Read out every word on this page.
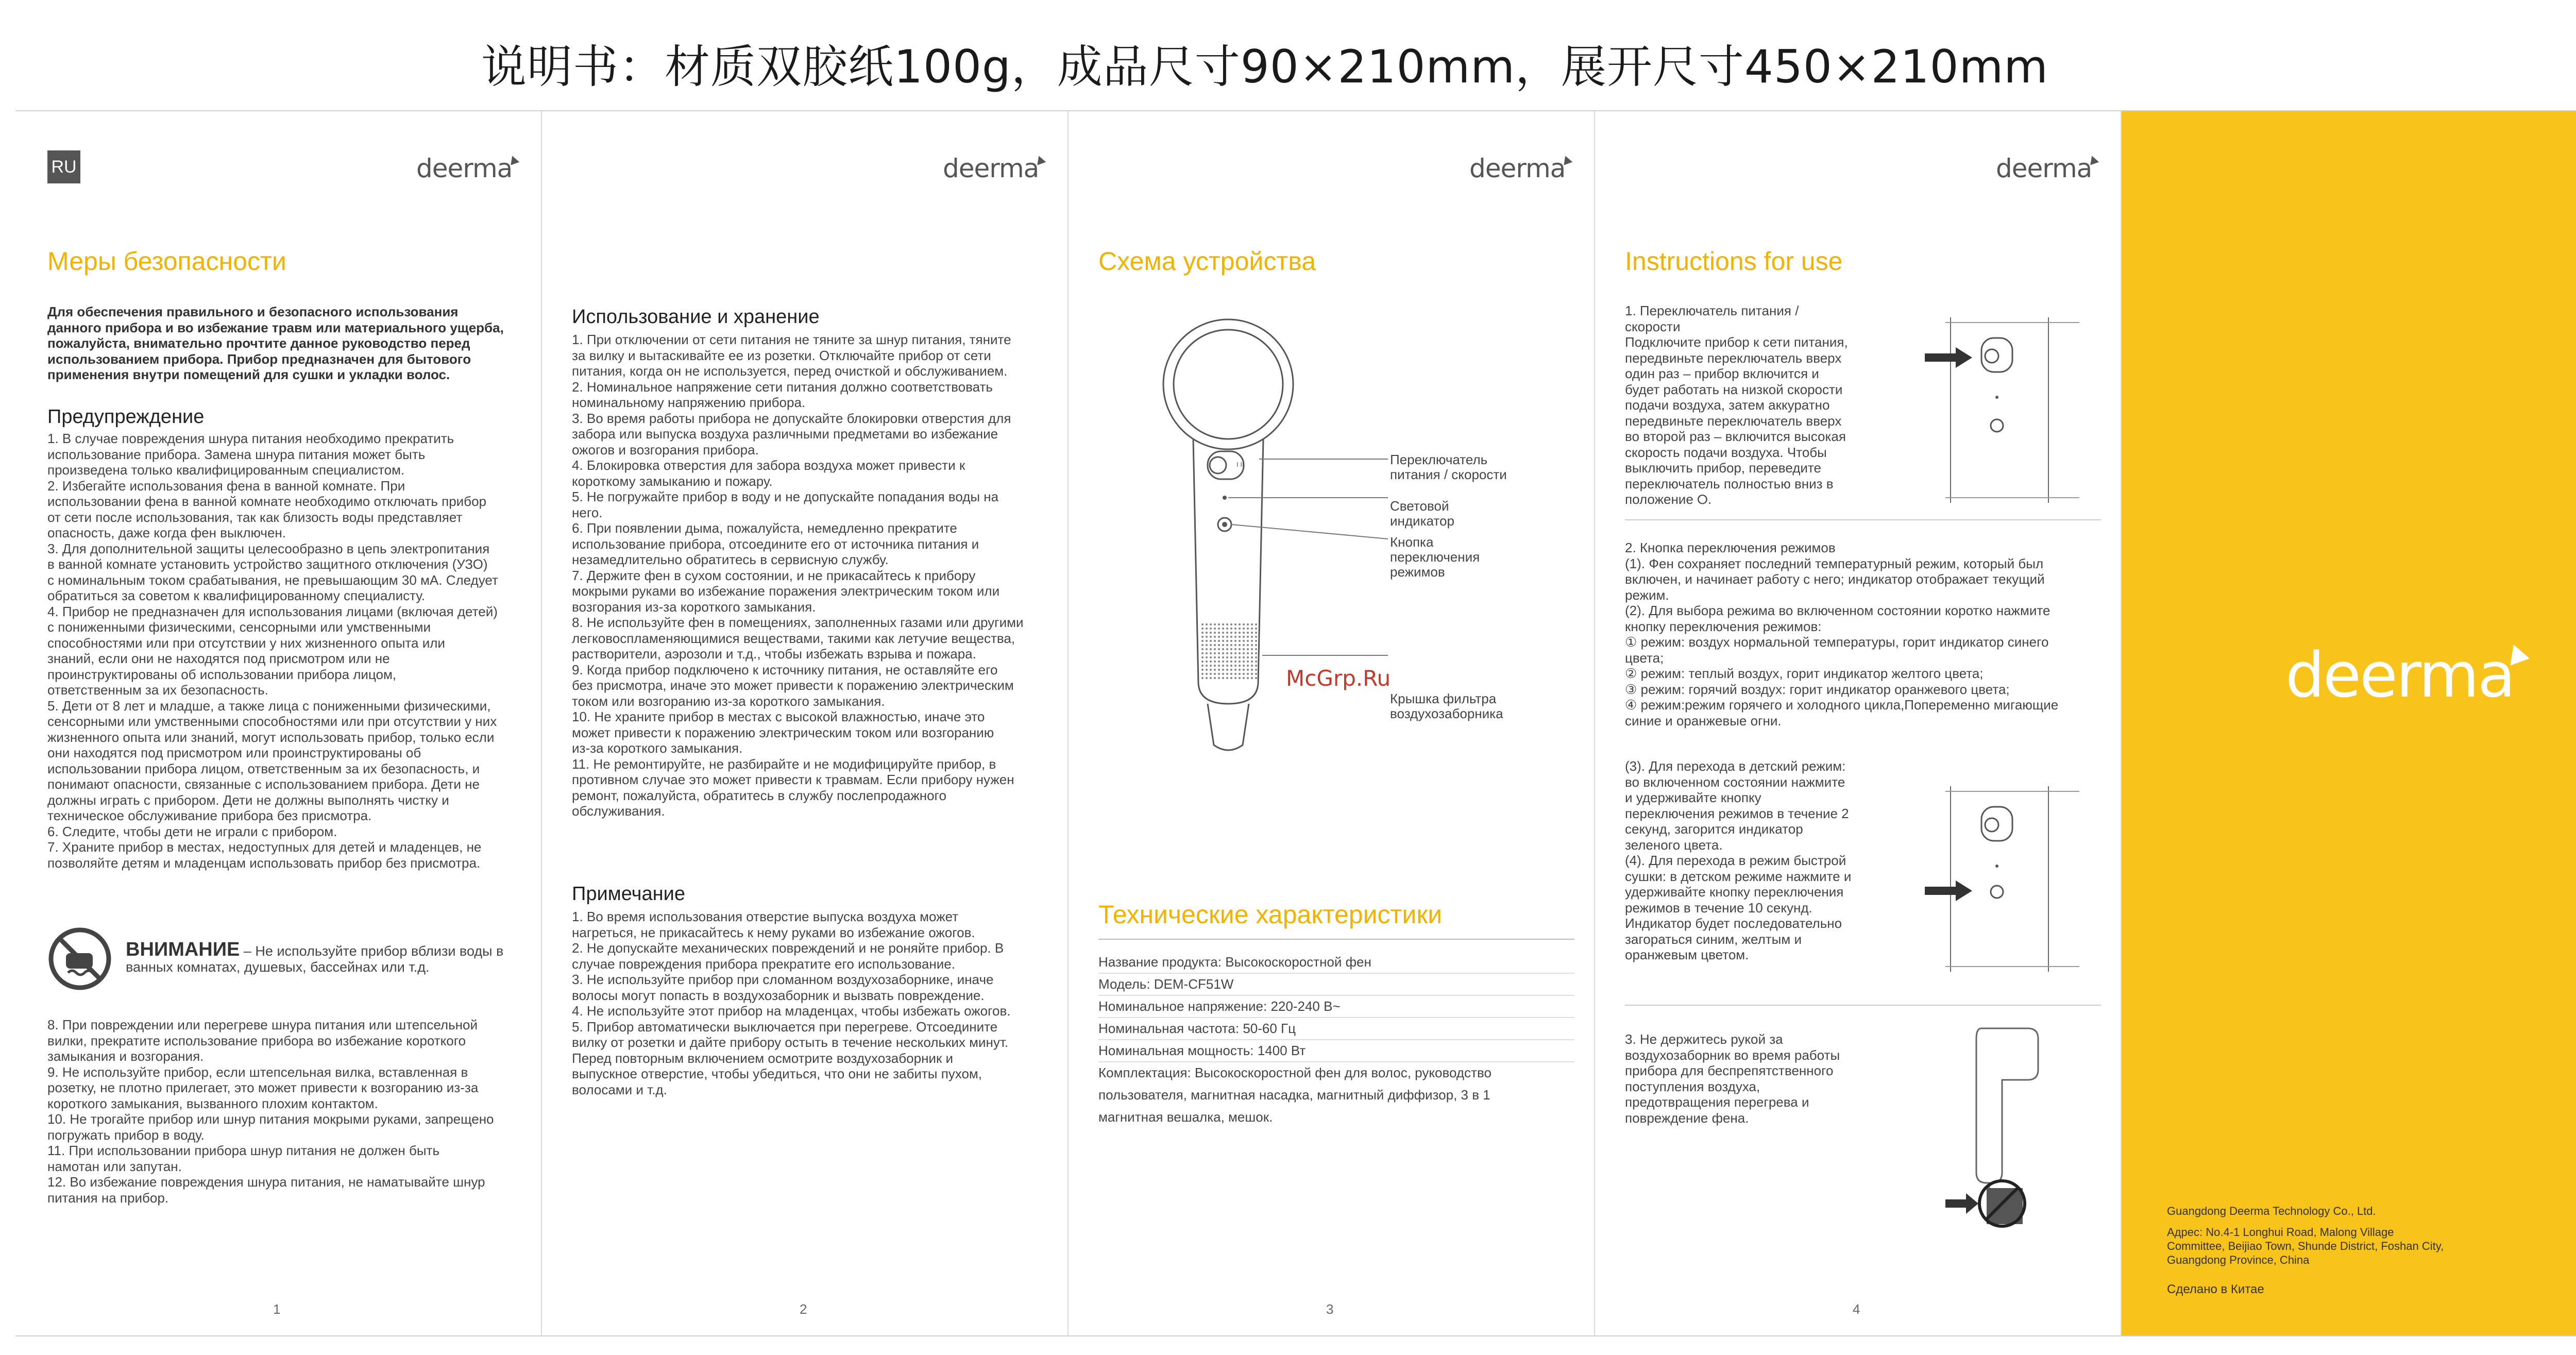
说明书：材质双胶纸100g，成品尺寸90×210mm，展开尺寸450×210mm
RU	deerma
Меры безопасности
Для обеспечения правильного и безопасного использования
данного прибора и во избежание травм или материального ущерба,
пожалуйста, внимательно прочтите данное руководство перед
использованием прибора. Прибор предназначен для бытового
применения внутри помещений для сушки и укладки волос.
Предупреждение
1. В случае повреждения шнура питания необходимо прекратить
использование прибора. Замена шнура питания может быть
произведена только квалифицированным специалистом.
2. Избегайте использования фена в ванной комнате. При
использовании фена в ванной комнате необходимо отключать прибор
от сети после использования, так как близость воды представляет
опасность, даже когда фен выключен.
3. Для дополнительной защиты целесообразно в цепь электропитания
в ванной комнате установить устройство защитного отключения (УЗО)
с номинальным током срабатывания, не превышающим 30 мА. Следует
обратиться за советом к квалифицированному специалисту.
4. Прибор не предназначен для использования лицами (включая детей)
с пониженными физическими, сенсорными или умственными
способностями или при отсутствии у них жизненного опыта или
знаний, если они не находятся под присмотром или не
проинструктированы об использовании прибора лицом,
ответственным за их безопасность.
5. Дети от 8 лет и младше, а также лица с пониженными физическими,
сенсорными или умственными способностями или при отсутствии у них
жизненного опыта или знаний, могут использовать прибор, только если
они находятся под присмотром или проинструктированы об
использовании прибора лицом, ответственным за их безопасность, и
понимают опасности, связанные с использованием прибора. Дети не
должны играть с прибором. Дети не должны выполнять чистку и
техническое обслуживание прибора без присмотра.
6. Следите, чтобы дети не играли с прибором.
7. Храните прибор в местах, недоступных для детей и младенцев, не
позволяйте детям и младенцам использовать прибор без присмотра.
ВНИМАНИЕ – Не используйте прибор вблизи воды в
ванных комнатах, душевых, бассейнах или т.д.
8. При повреждении или перегреве шнура питания или штепсельной
вилки, прекратите использование прибора во избежание короткого
замыкания и возгорания.
9. Не используйте прибор, если штепсельная вилка, вставленная в
розетку, не плотно прилегает, это может привести к возгоранию из-за
короткого замыкания, вызванного плохим контактом.
10. Не трогайте прибор или шнур питания мокрыми руками, запрещено
погружать прибор в воду.
11. При использовании прибора шнур питания не должен быть
намотан или запутан.
12. Во избежание повреждения шнура питания, не наматывайте шнур
питания на прибор.
1
deerma
Использование и хранение
1. При отключении от сети питания не тяните за шнур питания, тяните
за вилку и вытаскивайте ее из розетки. Отключайте прибор от сети
питания, когда он не используется, перед очисткой и обслуживанием.
2. Номинальное напряжение сети питания должно соответствовать
номинальному напряжению прибора.
3. Во время работы прибора не допускайте блокировки отверстия для
забора или выпуска воздуха различными предметами во избежание
ожогов и возгорания прибора.
4. Блокировка отверстия для забора воздуха может привести к
короткому замыканию и пожару.
5. Не погружайте прибор в воду и не допускайте попадания воды на
него.
6. При появлении дыма, пожалуйста, немедленно прекратите
использование прибора, отсоедините его от источника питания и
незамедлительно обратитесь в сервисную службу.
7. Держите фен в сухом состоянии, и не прикасайтесь к прибору
мокрыми руками во избежание поражения электрическим током или
возгорания из-за короткого замыкания.
8. Не используйте фен в помещениях, заполненных газами или другими
легковоспламеняющимися веществами, такими как летучие вещества,
растворители, аэрозоли и т.д., чтобы избежать взрыва и пожара.
9. Когда прибор подключено к источнику питания, не оставляйте его
без присмотра, иначе это может привести к поражению электрическим
током или возгоранию из-за короткого замыкания.
10. Не храните прибор в местах с высокой влажностью, иначе это
может привести к поражению электрическим током или возгоранию
из-за короткого замыкания.
11. Не ремонтируйте, не разбирайте и не модифицируйте прибор, в
противном случае это может привести к травмам. Если прибору нужен
ремонт, пожалуйста, обратитесь в службу послепродажного
обслуживания.
Примечание
1. Во время использования отверстие выпуска воздуха может
нагреться, не прикасайтесь к нему руками во избежание ожогов.
2. Не допускайте механических повреждений и не роняйте прибор. В
случае повреждения прибора прекратите его использование.
3. Не используйте прибор при сломанном воздухозаборнике, иначе
волосы могут попасть в воздухозаборник и вызвать повреждение.
4. Не используйте этот прибор на младенцах, чтобы избежать ожогов.
5. Прибор автоматически выключается при перегреве. Отсоедините
вилку от розетки и дайте прибору остыть в течение нескольких минут.
Перед повторным включением осмотрите воздухозаборник и
выпускное отверстие, чтобы убедиться, что они не забиты пухом,
волосами и т.д.
2
deerma
Схема устройства
I II	Переключатель
питания / скорости
Световой
индикатор
Кнопка
переключения
режимов
Крышка фильтра
воздухозаборника
McGrp.Ru
Технические характеристики
Название продукта: Высокоскоростной фен
Модель: DEM-CF51W
Номинальное напряжение: 220-240 В~
Номинальная частота: 50-60 Гц
Номинальная мощность: 1400 Вт
Комплектация: Высокоскоростной фен для волос, руководство
пользователя, магнитная насадка, магнитный диффизор, 3 в 1
магнитная вешалка, мешок.
3
deerma
Instructions for use
1. Переключатель питания /
скорости
Подключите прибор к сети питания,
передвиньте переключатель вверх
один раз – прибор включится и
будет работать на низкой скорости
подачи воздуха, затем аккуратно
передвиньте переключатель вверх
во второй раз – включится высокая
скорость подачи воздуха. Чтобы
выключить прибор, переведите
переключатель полностью вниз в
положение ⭘.
2. Кнопка переключения режимов
(1). Фен сохраняет последний температурный режим, который был
включен, и начинает работу с него; индикатор отображает текущий
режим.
(2). Для выбора режима во включенном состоянии коротко нажмите
кнопку переключения режимов:
① режим: воздух нормальной температуры, горит индикатор синего
цвета;
② режим: теплый воздух, горит индикатор желтого цвета;
③ режим: горячий воздух: горит индикатор оранжевого цвета;
④ режим:режим горячего и холодного цикла,Попеременно мигающие
синие и оранжевые огни.
(3). Для перехода в детский режим:
во включенном состоянии нажмите
и удерживайте кнопку
переключения режимов в течение 2
секунд, загорится индикатор
зеленого цвета.
(4). Для перехода в режим быстрой
сушки: в детском режиме нажмите и
удерживайте кнопку переключения
режимов в течение 10 секунд.
Индикатор будет последовательно
загораться синим, желтым и
оранжевым цветом.
3. Не держитесь рукой за
воздухозаборник во время работы
прибора для беспрепятственного
поступления воздуха,
предотвращения перегрева и
повреждение фена.
4
deerma
Guangdong Deerma Technology Co., Ltd.
Адрес: No.4-1 Longhui Road, Malong Village
Committee, Beijiao Town, Shunde District, Foshan City,
Guangdong Province, China
Сделано в Китае
